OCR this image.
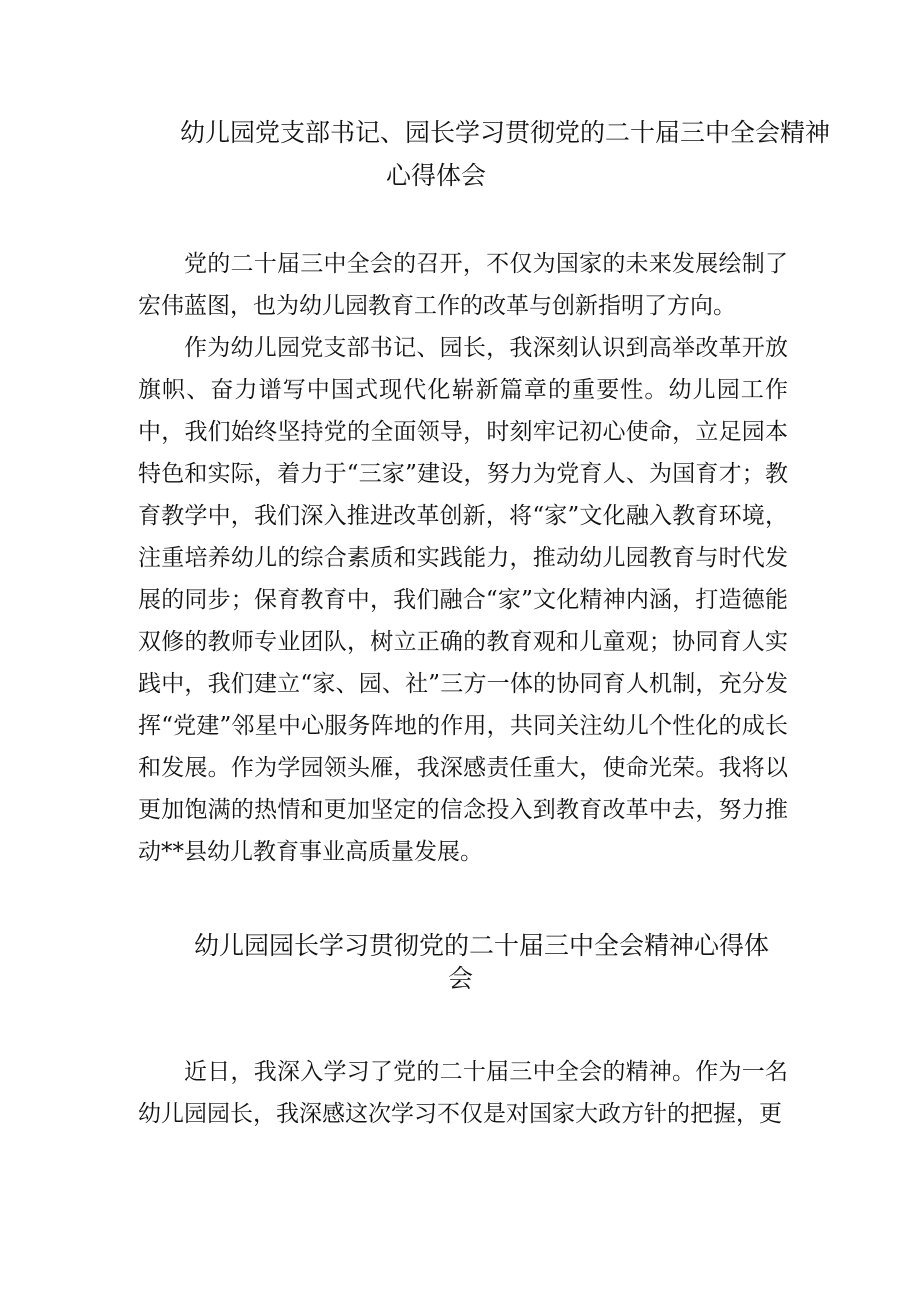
幼儿园党支部书记、园长学习贯彻党的二十届三中全会精神
心得体会

党的二十届三中全会的召开，不仅为国家的未来发展绘制了宏伟蓝图，也为幼儿园教育工作的改革与创新指明了方向。

作为幼儿园党支部书记、园长，我深刻认识到高举改革开放旗帜、奋力谱写中国式现代化崭新篇章的重要性。幼儿园工作中，我们始终坚持党的全面领导，时刻牢记初心使命，立足园本特色和实际，着力于“三家”建设，努力为党育人、为国育才；教育教学中，我们深入推进改革创新，将“家”文化融入教育环境，注重培养幼儿的综合素质和实践能力，推动幼儿园教育与时代发展的同步；保育教育中，我们融合“家”文化精神内涵，打造德能双修的教师专业团队，树立正确的教育观和儿童观；协同育人实践中，我们建立“家、园、社”三方一体的协同育人机制，充分发挥“党建”邻星中心服务阵地的作用，共同关注幼儿个性化的成长和发展。作为学园领头雁，我深感责任重大，使命光荣。我将以更加饱满的热情和更加坚定的信念投入到教育改革中去，努力推动**县幼儿教育事业高质量发展。

幼儿园园长学习贯彻党的二十届三中全会精神心得体
会

近日，我深入学习了党的二十届三中全会的精神。作为一名幼儿园园长，我深感这次学习不仅是对国家大政方针的把握，更
